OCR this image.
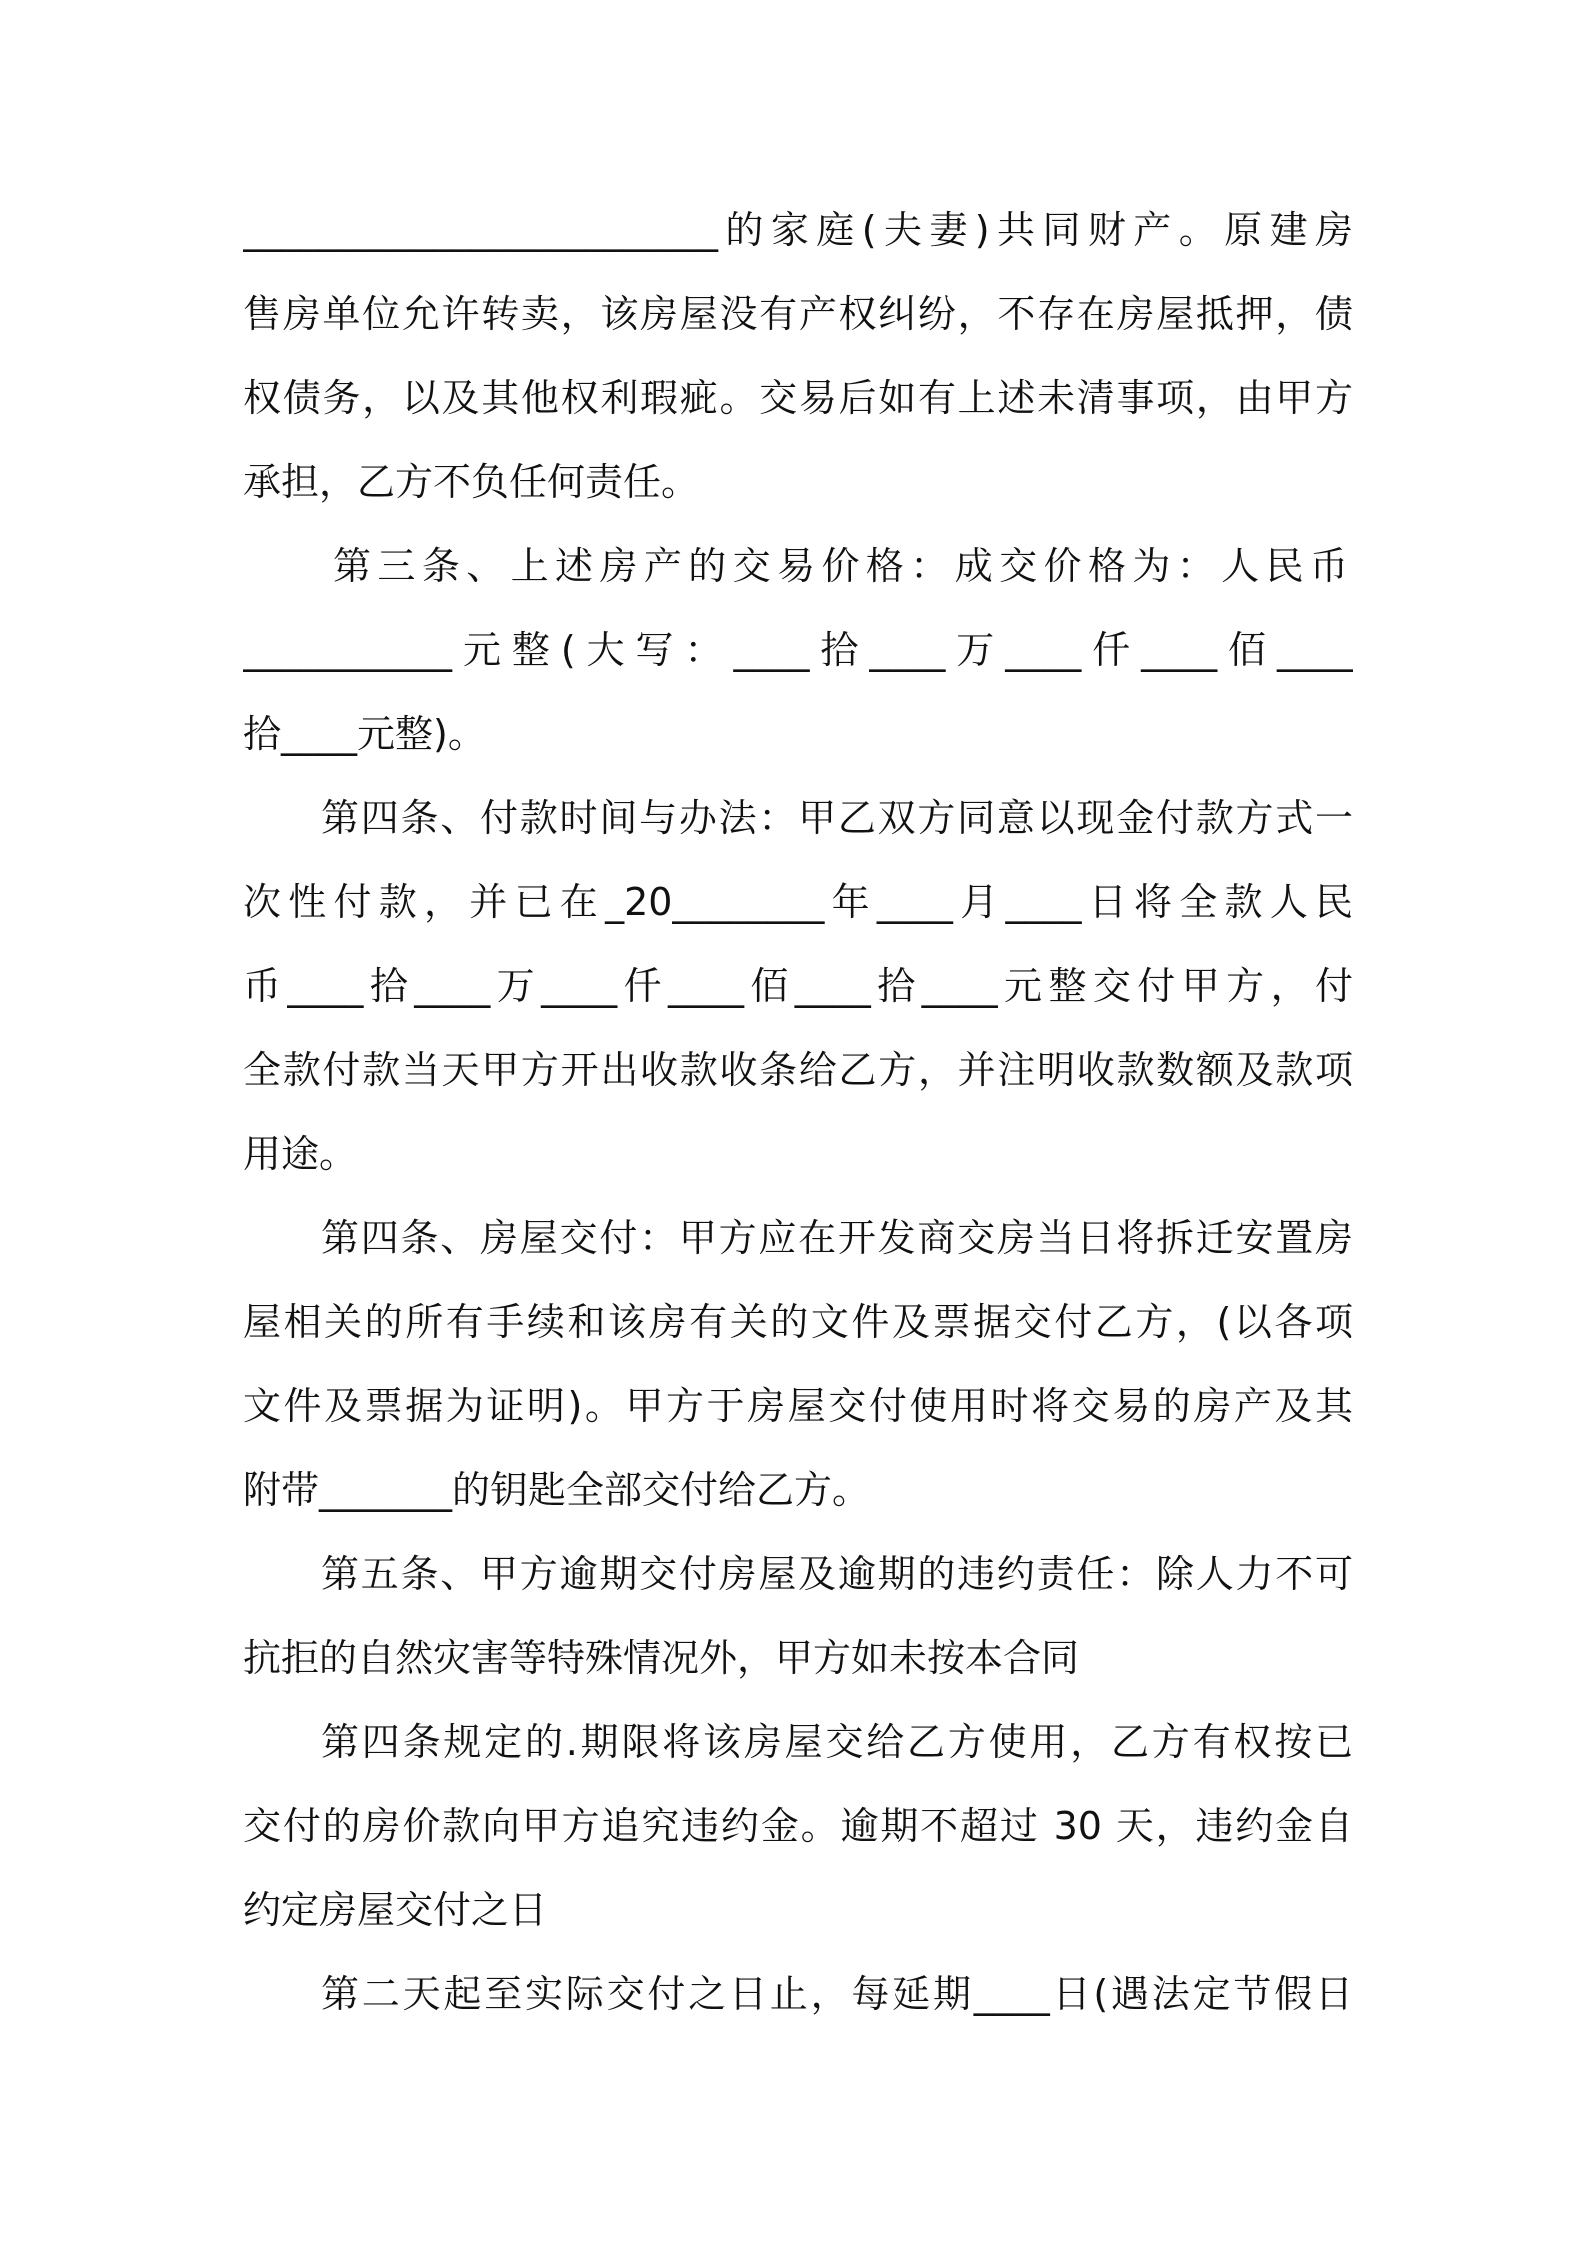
_________________________的家庭(夫妻)共同财产。原建房
售房单位允许转卖，该房屋没有产权纠纷，不存在房屋抵押，债
权债务，以及其他权利瑕疵。交易后如有上述未清事项，由甲方
承担，乙方不负任何责任。
第三条、上述房产的交易价格：成交价格为：人民币
___________元整(大写：____拾____万____仟____佰____
拾____元整)。
第四条、付款时间与办法：甲乙双方同意以现金付款方式一
次性付款，并已在_20________年____月____日将全款人民
币____拾____万____仟____佰____拾____元整交付甲方，付
全款付款当天甲方开出收款收条给乙方，并注明收款数额及款项
用途。
第四条、房屋交付：甲方应在开发商交房当日将拆迁安置房
屋相关的所有手续和该房有关的文件及票据交付乙方，(以各项
文件及票据为证明)。甲方于房屋交付使用时将交易的房产及其
附带_______的钥匙全部交付给乙方。
第五条、甲方逾期交付房屋及逾期的违约责任：除人力不可
抗拒的自然灾害等特殊情况外，甲方如未按本合同
第四条规定的.期限将该房屋交给乙方使用，乙方有权按已
交付的房价款向甲方追究违约金。逾期不超过 30 天，违约金自
约定房屋交付之日
第二天起至实际交付之日止，每延期____日(遇法定节假日
